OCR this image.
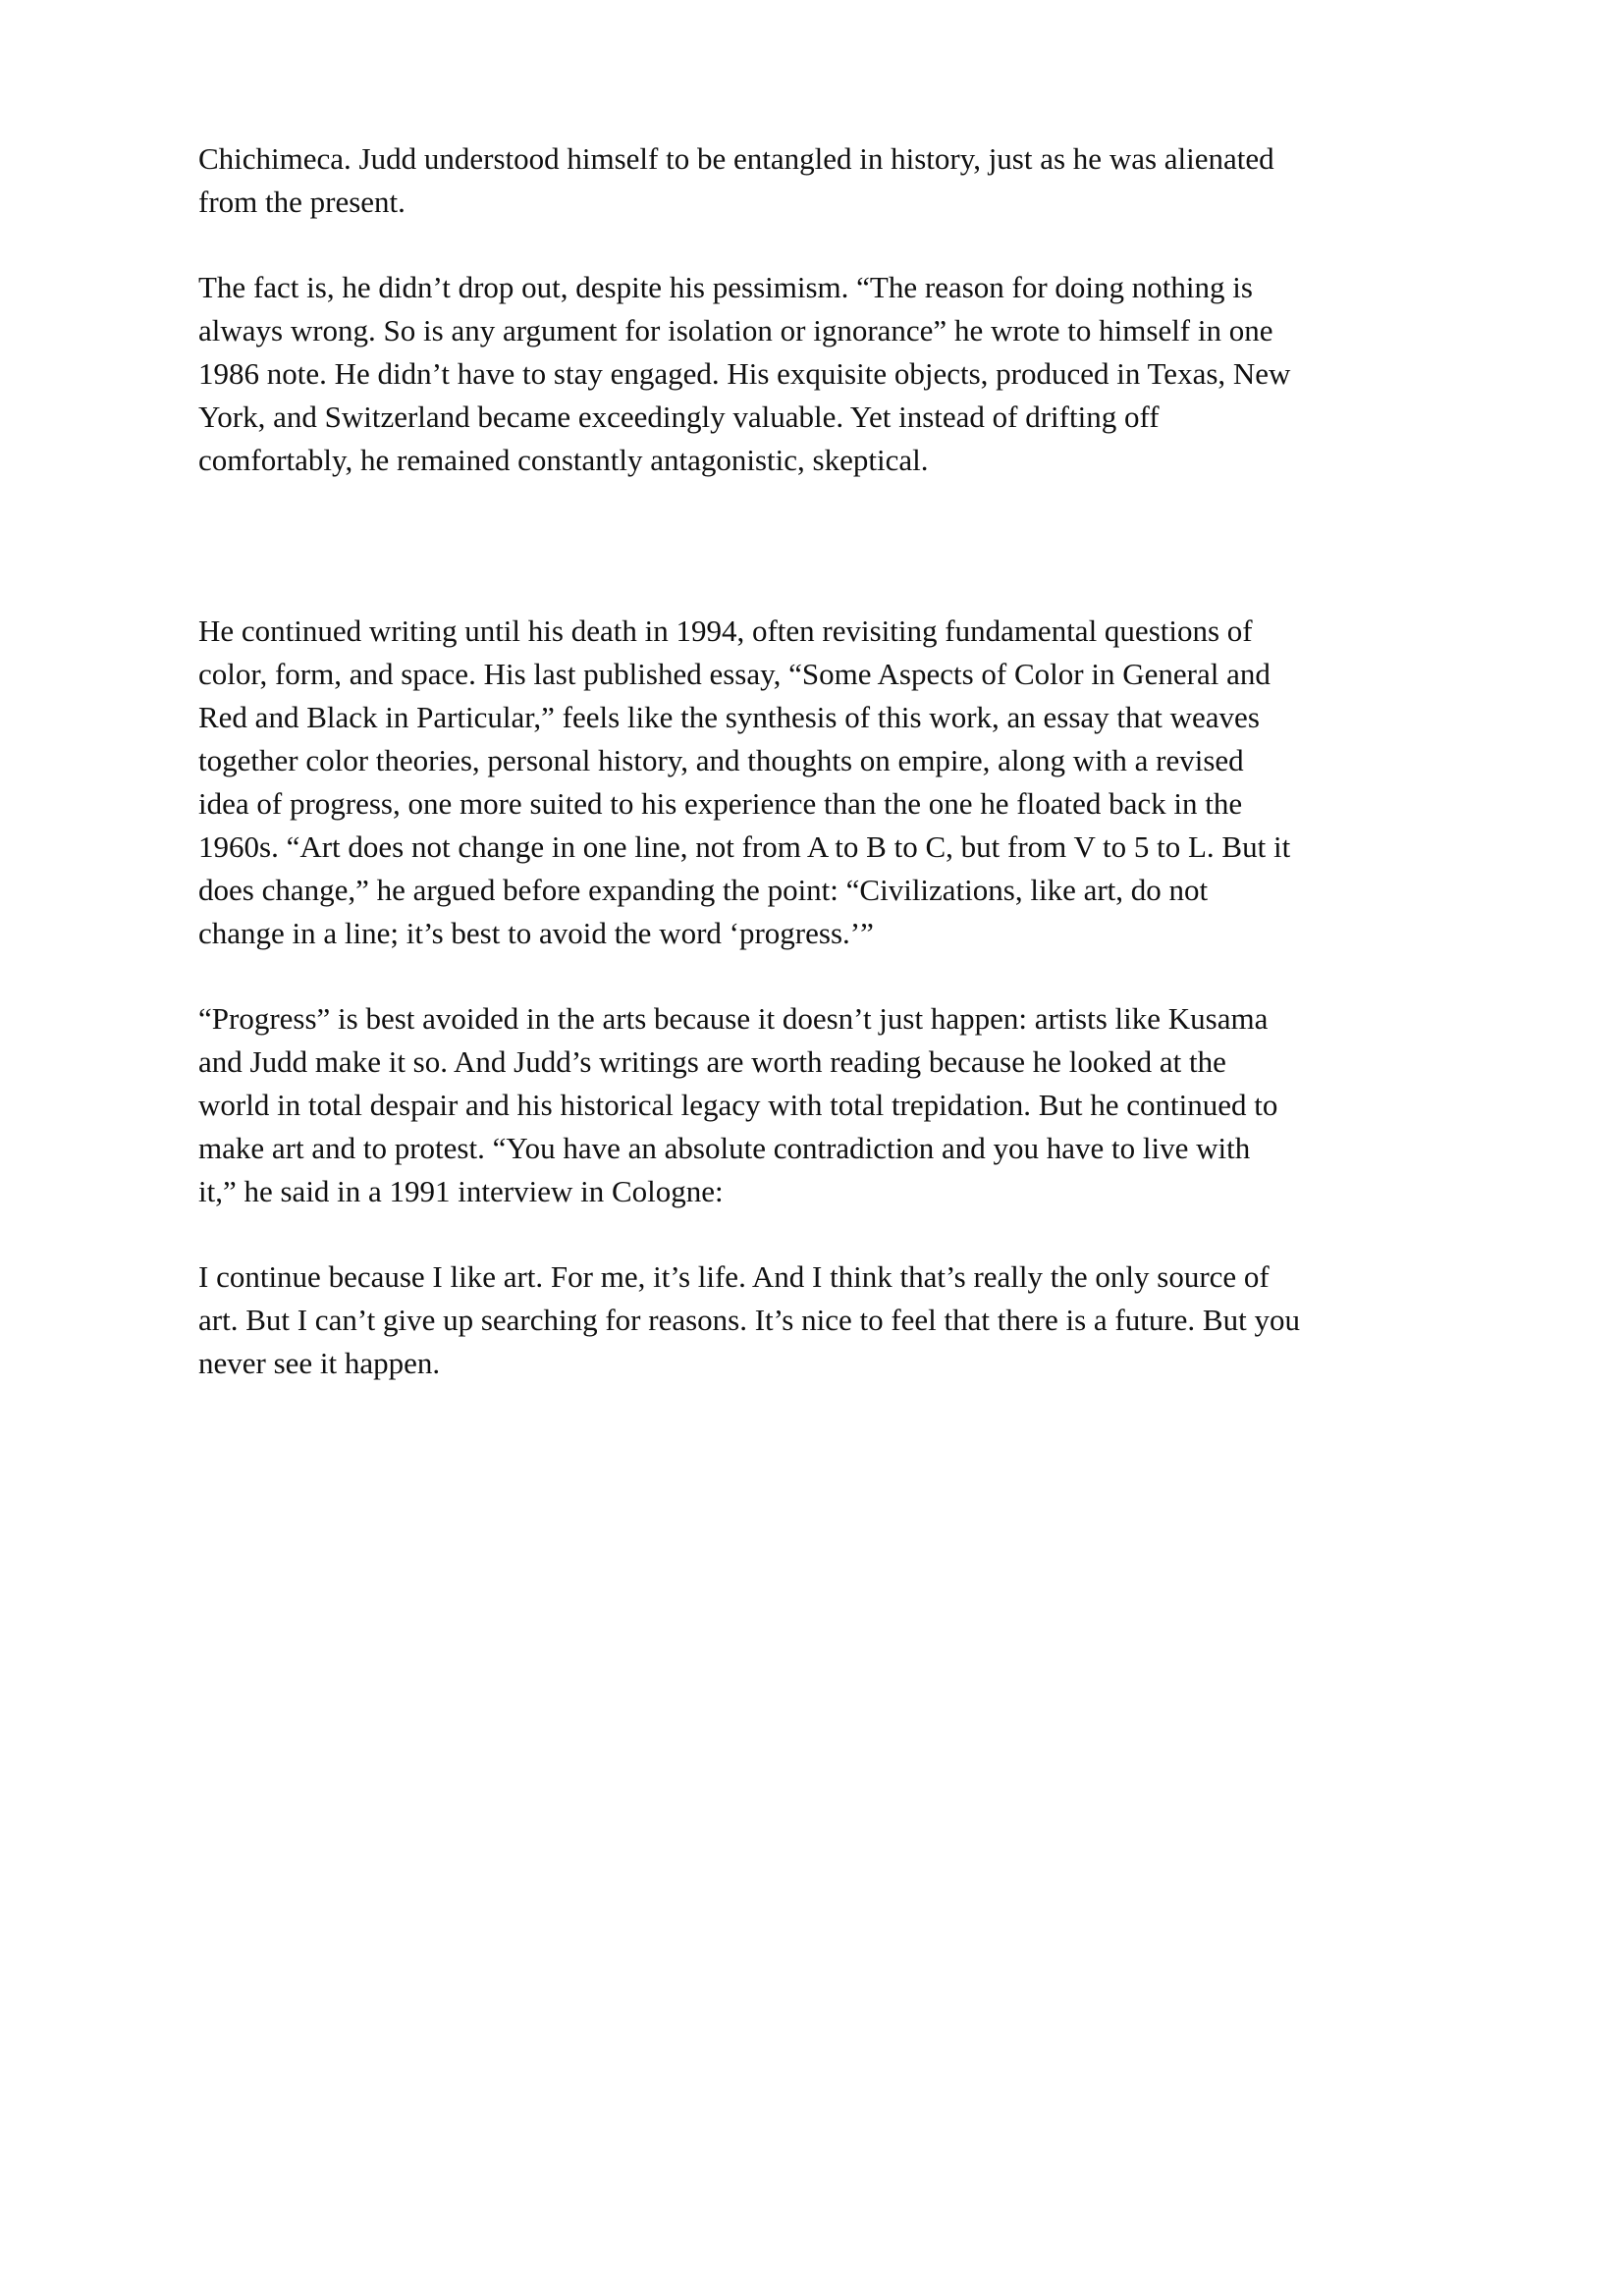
Chichimeca. Judd understood himself to be entangled in history, just as he was alienated
from the present.
The fact is, he didn’t drop out, despite his pessimism. “The reason for doing nothing is
always wrong. So is any argument for isolation or ignorance” he wrote to himself in one
1986 note. He didn’t have to stay engaged. His exquisite objects, produced in Texas, New
York, and Switzerland became exceedingly valuable. Yet instead of drifting off
comfortably, he remained constantly antagonistic, skeptical.
He continued writing until his death in 1994, often revisiting fundamental questions of
color, form, and space. His last published essay, “Some Aspects of Color in General and
Red and Black in Particular,” feels like the synthesis of this work, an essay that weaves
together color theories, personal history, and thoughts on empire, along with a revised
idea of progress, one more suited to his experience than the one he floated back in the
1960s. “Art does not change in one line, not from A to B to C, but from V to 5 to L. But it
does change,” he argued before expanding the point: “Civilizations, like art, do not
change in a line; it’s best to avoid the word ‘progress.’”
“Progress” is best avoided in the arts because it doesn’t just happen: artists like Kusama
and Judd make it so. And Judd’s writings are worth reading because he looked at the
world in total despair and his historical legacy with total trepidation. But he continued to
make art and to protest. “You have an absolute contradiction and you have to live with
it,” he said in a 1991 interview in Cologne:
I continue because I like art. For me, it’s life. And I think that’s really the only source of
art. But I can’t give up searching for reasons. It’s nice to feel that there is a future. But you
never see it happen.
